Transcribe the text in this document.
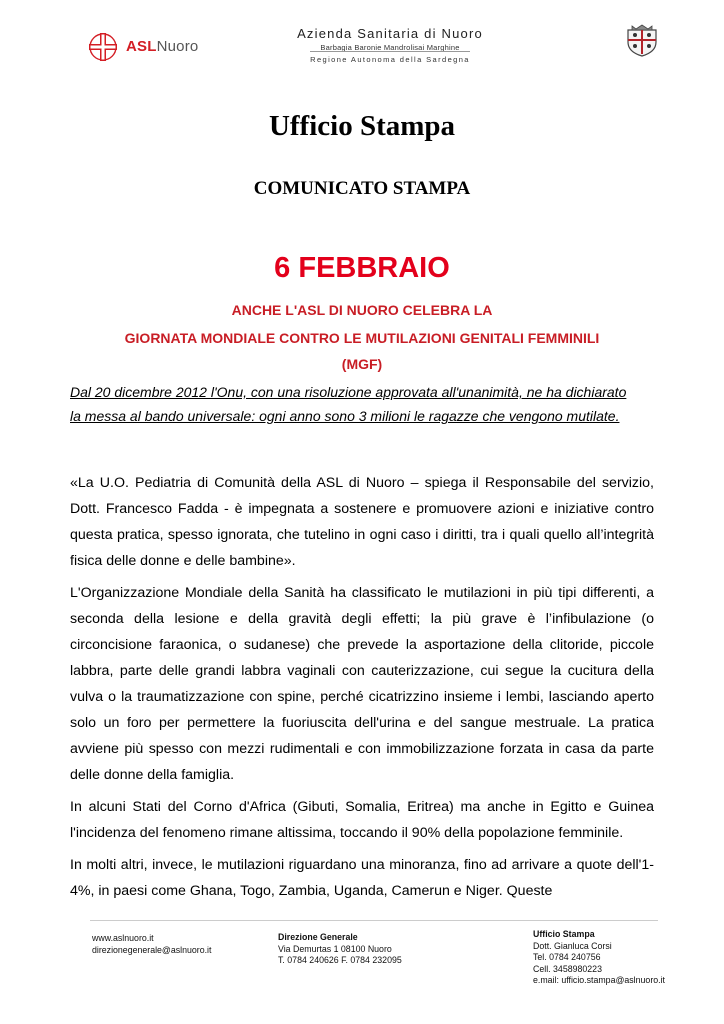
ASLNuoro
Azienda Sanitaria di Nuoro
Barbagia Baronie Mandrolisai Marghine
Regione Autonoma della Sardegna
Ufficio Stampa
COMUNICATO STAMPA
6 FEBBRAIO
ANCHE L'ASL DI NUORO CELEBRA LA
GIORNATA MONDIALE CONTRO LE MUTILAZIONI GENITALI FEMMINILI
(MGF)
Dal 20 dicembre 2012 l'Onu, con una risoluzione approvata all'unanimità, ne ha dichiarato
la messa al bando universale: ogni anno sono 3 milioni le ragazze che vengono mutilate.

«La U.O. Pediatria di Comunità della ASL di Nuoro – spiega il Responsabile del servizio, Dott. Francesco Fadda - è impegnata a sostenere e promuovere azioni e iniziative contro questa pratica, spesso ignorata, che tutelino in ogni caso i diritti, tra i quali quello all’integrità fisica delle donne e delle bambine».

L'Organizzazione Mondiale della Sanità ha classificato le mutilazioni in più tipi differenti, a seconda della lesione e della gravità degli effetti; la più grave è l’infibulazione (o circoncisione faraonica, o sudanese) che prevede la asportazione della clitoride, piccole labbra, parte delle grandi labbra vaginali con cauterizzazione, cui segue la cucitura della vulva o la traumatizzazione con spine, perché cicatrizzino insieme i lembi, lasciando aperto solo un foro per permettere la fuoriuscita dell'urina e del sangue mestruale. La pratica avviene più spesso con mezzi rudimentali e con immobilizzazione forzata in casa da parte delle donne della famiglia.

In alcuni Stati del Corno d'Africa (Gibuti, Somalia, Eritrea) ma anche in Egitto e Guinea l'incidenza del fenomeno rimane altissima, toccando il 90% della popolazione femminile.

In molti altri, invece, le mutilazioni riguardano una minoranza, fino ad arrivare a quote dell'1-4%, in paesi come Ghana, Togo, Zambia, Uganda, Camerun e Niger. Queste

www.aslnuoro.it
direzionegenerale@aslnuoro.it
Direzione Generale
Via Demurtas 1 08100 Nuoro
T. 0784 240626 F. 0784 232095
Ufficio Stampa
Dott. Gianluca Corsi
Tel. 0784 240756
Cell. 3458980223
e.mail: ufficio.stampa@aslnuoro.it
